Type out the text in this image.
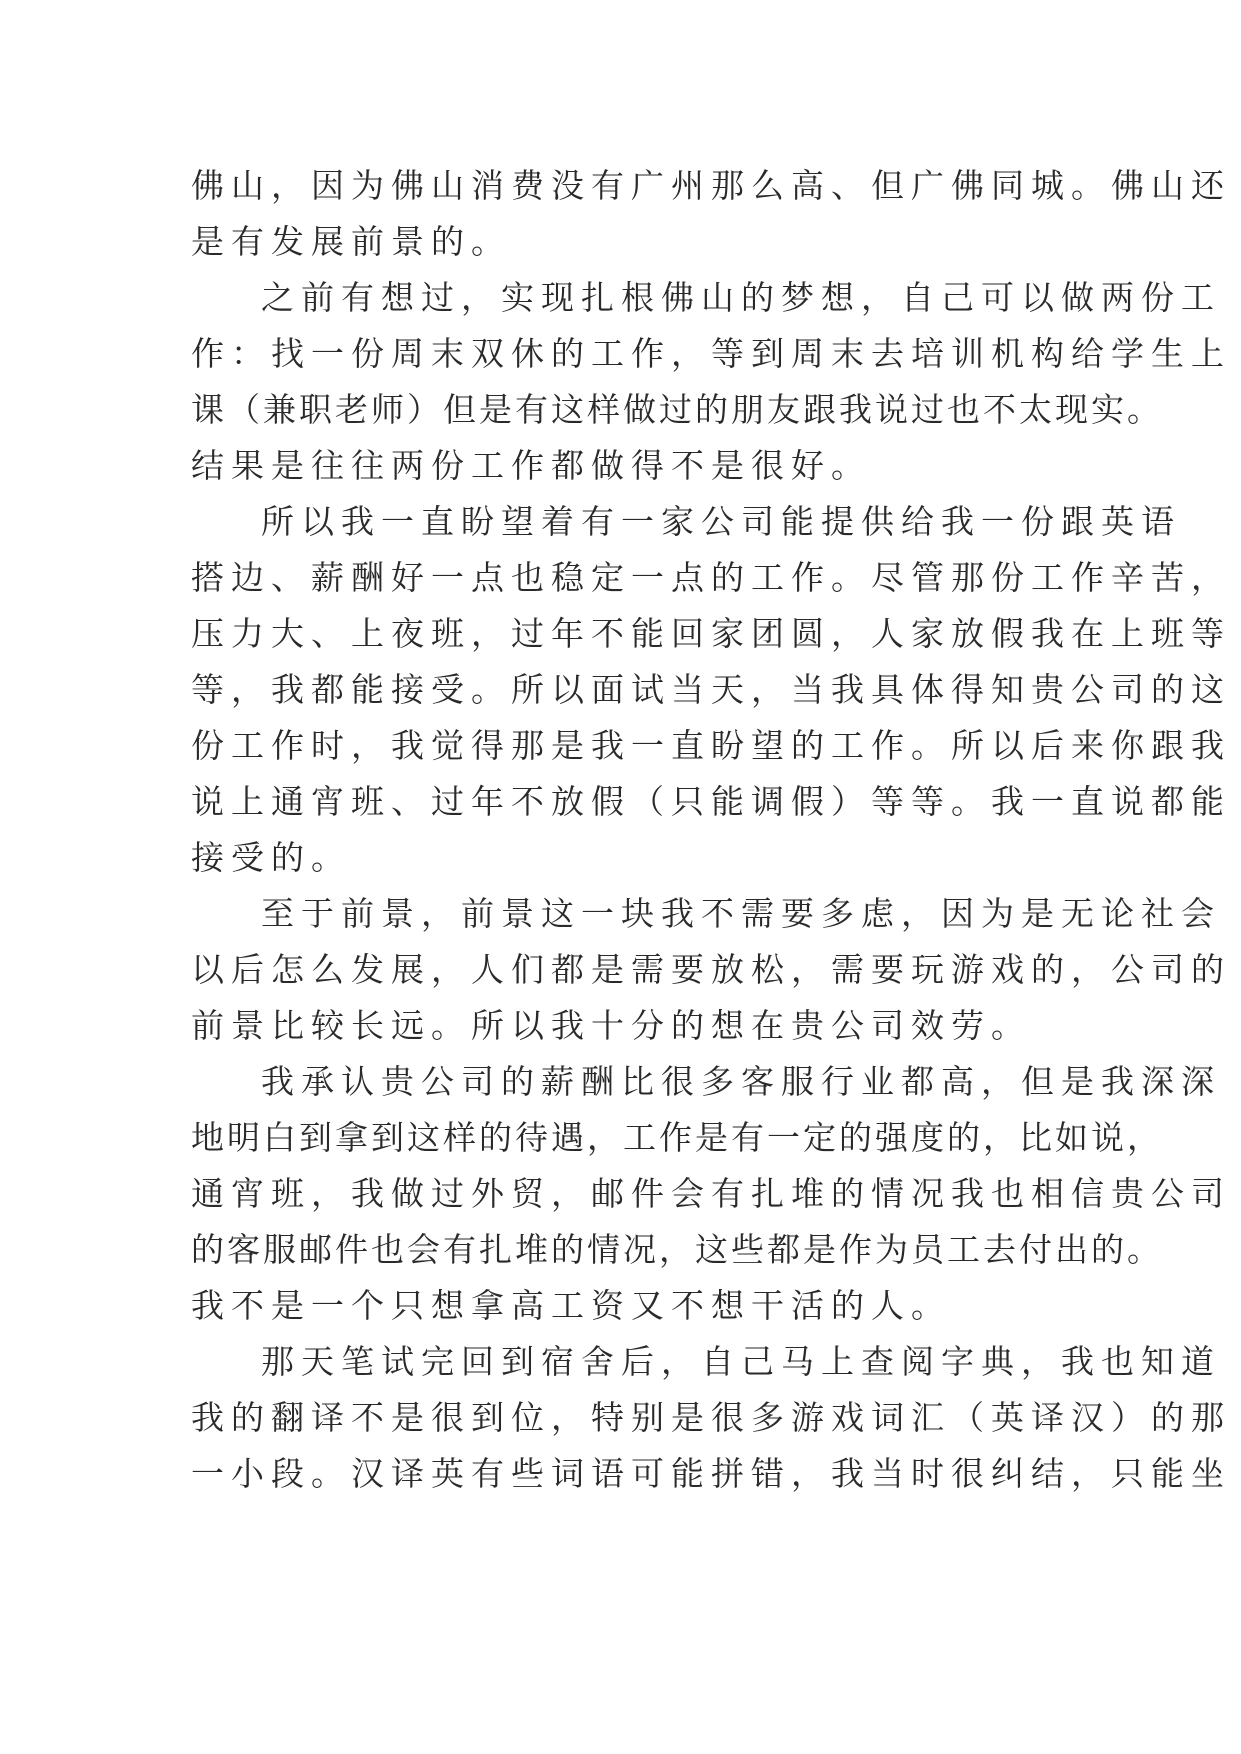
佛山，因为佛山消费没有广州那么高、但广佛同城。佛山还
是有发展前景的。
之前有想过，实现扎根佛山的梦想，自己可以做两份工
作：找一份周末双休的工作，等到周末去培训机构给学生上
课（兼职老师）但是有这样做过的朋友跟我说过也不太现实。
结果是往往两份工作都做得不是很好。
所以我一直盼望着有一家公司能提供给我一份跟英语
搭边、薪酬好一点也稳定一点的工作。尽管那份工作辛苦，
压力大、上夜班，过年不能回家团圆，人家放假我在上班等
等，我都能接受。所以面试当天，当我具体得知贵公司的这
份工作时，我觉得那是我一直盼望的工作。所以后来你跟我
说上通宵班、过年不放假（只能调假）等等。我一直说都能
接受的。
至于前景，前景这一块我不需要多虑，因为是无论社会
以后怎么发展，人们都是需要放松，需要玩游戏的，公司的
前景比较长远。所以我十分的想在贵公司效劳。
我承认贵公司的薪酬比很多客服行业都高，但是我深深
地明白到拿到这样的待遇，工作是有一定的强度的，比如说，
通宵班，我做过外贸，邮件会有扎堆的情况我也相信贵公司
的客服邮件也会有扎堆的情况，这些都是作为员工去付出的。
我不是一个只想拿高工资又不想干活的人。
那天笔试完回到宿舍后，自己马上查阅字典，我也知道
我的翻译不是很到位，特别是很多游戏词汇（英译汉）的那
一小段。汉译英有些词语可能拼错，我当时很纠结，只能坐
